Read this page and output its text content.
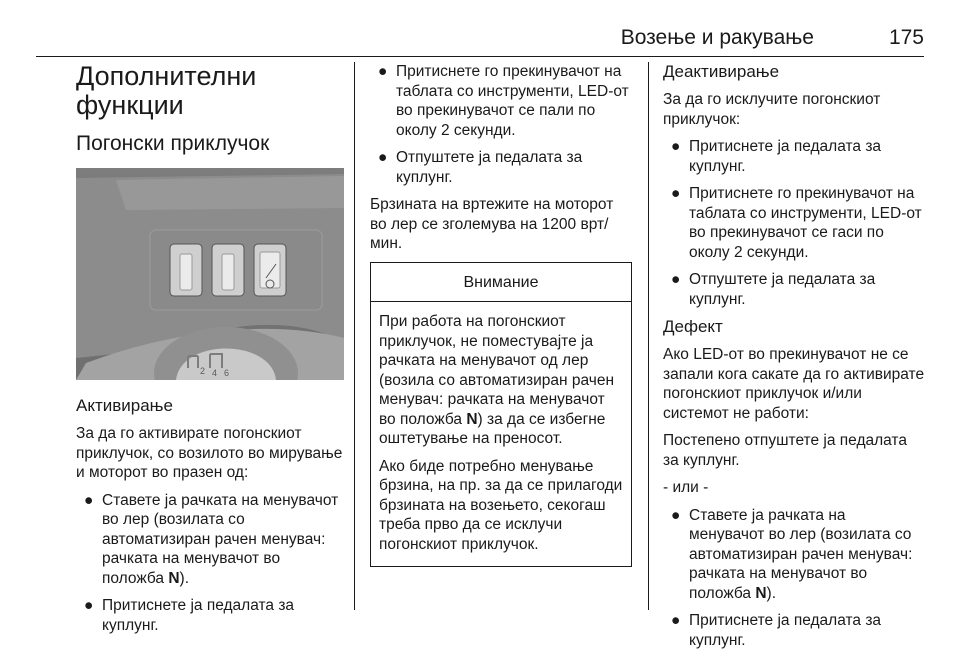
Возење и ракување	175
Дополнителни функции
Погонски приклучок
2 4 6
Активирање

За да го активирате погонскиот приклучок, со возилото во мирување и моторот во празен од:

● Ставете ја рачката на менувачот во лер (возилата со автоматизиран рачен менувач: рачката на менувачот во положба N).
● Притиснете ја педалата за куплунг.
● Притиснете го прекинувачот на таблата со инструменти, LED-от во прекинувачот се пали по околу 2 секунди.
● Отпуштете ја педалата за куплунг.

Брзината на вртежите на моторот во лер се зголемува на 1200 врт/мин.

Внимание

При работа на погонскиот приклучок, не поместувајте ја рачката на менувачот од лер (возила со автоматизиран рачен менувач: рачката на менувачот во положба N) за да се избегне оштетување на преносот.

Ако биде потребно менување брзина, на пр. за да се прилагоди брзината на возењето, секогаш треба прво да се исклучи погонскиот приклучок.

Деактивирање

За да го исклучите погонскиот приклучок:

● Притиснете ја педалата за куплунг.
● Притиснете го прекинувачот на таблата со инструменти, LED-от во прекинувачот се гаси по околу 2 секунди.
● Отпуштете ја педалата за куплунг.
Дефект

Ако LED-от во прекинувачот не се запали кога сакате да го активирате погонскиот приклучок и/или системот не работи:

Постепено отпуштете ја педалата за куплунг.

- или -

● Ставете ја рачката на менувачот во лер (возилата со автоматизиран рачен менувач: рачката на менувачот во положба N).
● Притиснете ја педалата за куплунг.
